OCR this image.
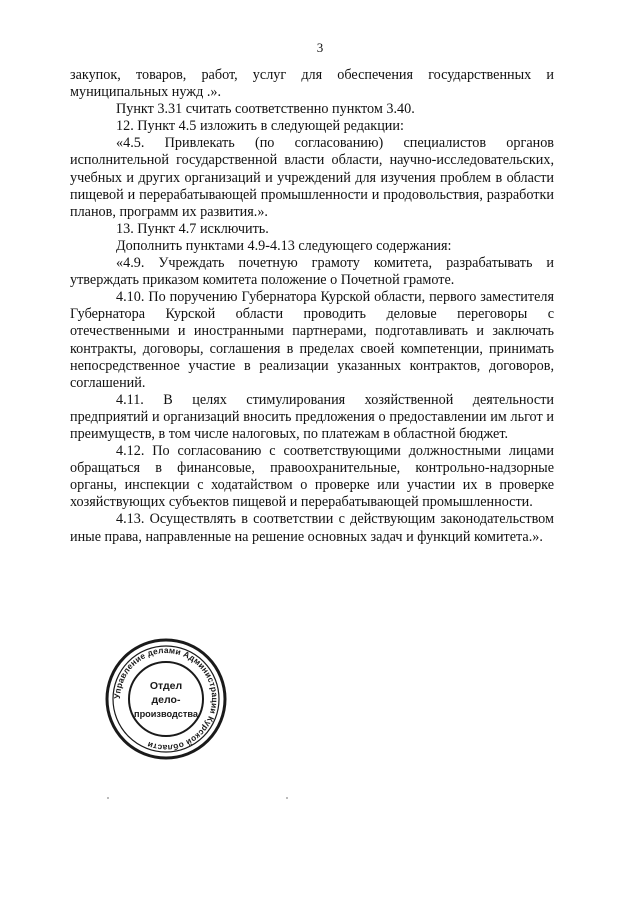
3

закупок, товаров, работ, услуг для обеспечения государственных и муниципальных нужд .».

Пункт 3.31 считать соответственно пунктом 3.40.

12. Пункт 4.5 изложить в следующей редакции:

«4.5. Привлекать (по согласованию) специалистов органов исполнительной государственной власти области, научно-исследовательских, учебных и других организаций и учреждений для изучения проблем в области пищевой и перерабатывающей промышленности и продовольствия, разработки планов, программ их развития.».

13. Пункт 4.7 исключить.

Дополнить пунктами 4.9-4.13 следующего содержания:

«4.9. Учреждать почетную грамоту комитета, разрабатывать и утверждать приказом комитета положение о Почетной грамоте.

4.10. По поручению Губернатора Курской области, первого заместителя Губернатора Курской области проводить деловые переговоры с отечественными и иностранными партнерами, подготавливать и заключать контракты, договоры, соглашения в пределах своей компетенции, принимать непосредственное участие в реализации указанных контрактов, договоров, соглашений.

4.11. В целях стимулирования хозяйственной деятельности предприятий и организаций вносить предложения о предоставлении им льгот и преимуществ, в том числе налоговых, по платежам в областной бюджет.

4.12. По согласованию с соответствующими должностными лицами обращаться в финансовые, правоохранительные, контрольно-надзорные органы, инспекции с ходатайством о проверке или участии их в проверке хозяйствующих субъектов пищевой и перерабатывающей промышленности.

4.13. Осуществлять в соответствии с действующим законодательством иные права, направленные на решение основных задач и функций комитета.».

Управление делами Администрации Курской области
Отдел
дело-
производства
